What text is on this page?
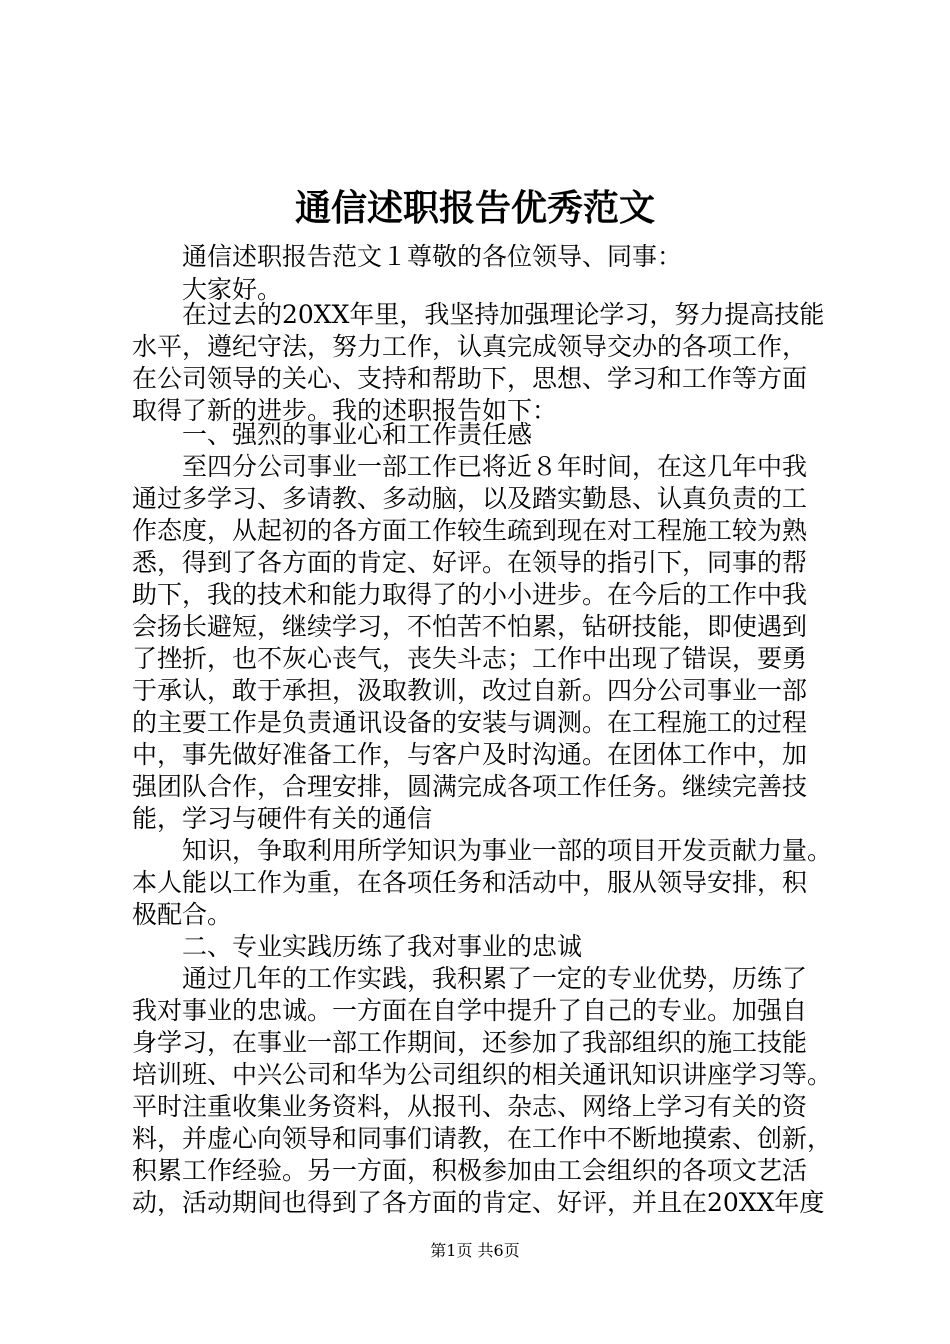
通信述职报告优秀范文
通信述职报告范文１尊敬的各位领导、同事：
大家好。
在过去的20XX年里，我坚持加强理论学习，努力提高技能
水平，遵纪守法，努力工作，认真完成领导交办的各项工作，
在公司领导的关心、支持和帮助下，思想、学习和工作等方面
取得了新的进步。我的述职报告如下：
一、强烈的事业心和工作责任感
至四分公司事业一部工作已将近８年时间，在这几年中我
通过多学习、多请教、多动脑，以及踏实勤恳、认真负责的工
作态度，从起初的各方面工作较生疏到现在对工程施工较为熟
悉，得到了各方面的肯定、好评。在领导的指引下，同事的帮
助下，我的技术和能力取得了的小小进步。在今后的工作中我
会扬长避短，继续学习，不怕苦不怕累，钻研技能，即使遇到
了挫折，也不灰心丧气，丧失斗志；工作中出现了错误，要勇
于承认，敢于承担，汲取教训，改过自新。四分公司事业一部
的主要工作是负责通讯设备的安装与调测。在工程施工的过程
中，事先做好准备工作，与客户及时沟通。在团体工作中，加
强团队合作，合理安排，圆满完成各项工作任务。继续完善技
能，学习与硬件有关的通信
知识，争取利用所学知识为事业一部的项目开发贡献力量。
本人能以工作为重，在各项任务和活动中，服从领导安排，积
极配合。
二、专业实践历练了我对事业的忠诚
通过几年的工作实践，我积累了一定的专业优势，历练了
我对事业的忠诚。一方面在自学中提升了自己的专业。加强自
身学习，在事业一部工作期间，还参加了我部组织的施工技能
培训班、中兴公司和华为公司组织的相关通讯知识讲座学习等。
平时注重收集业务资料，从报刊、杂志、网络上学习有关的资
料，并虚心向领导和同事们请教，在工作中不断地摸索、创新，
积累工作经验。另一方面，积极参加由工会组织的各项文艺活
动，活动期间也得到了各方面的肯定、好评，并且在20XX年度
第1页 共6页
